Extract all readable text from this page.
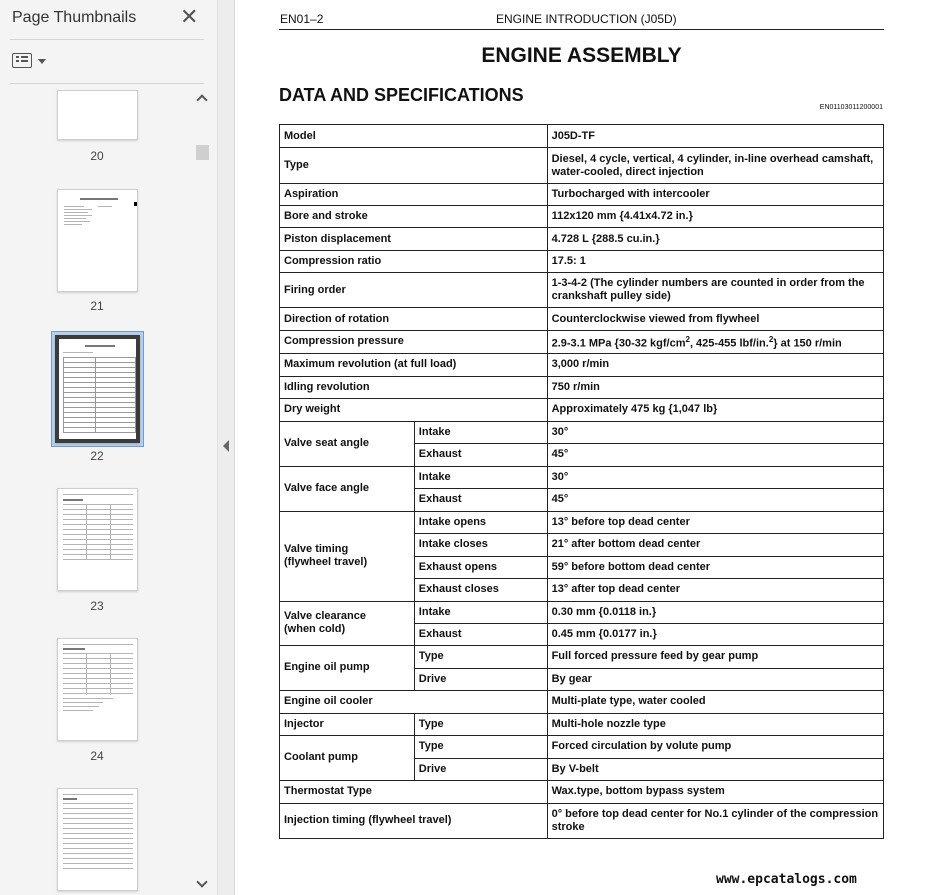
Page Thumbnails ✕
20
21
22
23
24
EN01–2	ENGINE INTRODUCTION (J05D)
ENGINE ASSEMBLY
DATA AND SPECIFICATIONS
EN01103011200001
Model		J05D-TF
Type		Diesel, 4 cycle, vertical, 4 cylinder, in-line overhead camshaft, water-cooled, direct injection
Aspiration		Turbocharged with intercooler
Bore and stroke		112x120 mm {4.41x4.72 in.}
Piston displacement		4.728 L {288.5 cu.in.}
Compression ratio		17.5: 1
Firing order		1-3-4-2 (The cylinder numbers are counted in order from the crankshaft pulley side)
Direction of rotation		Counterclockwise viewed from flywheel
Compression pressure		2.9-3.1 MPa {30-32 kgf/$cm^2$, 425-455 lbf/in.$^2$} at 150 r/min
Maximum revolution (at full load)		3,000 r/min
Idling revolution		750 r/min
Dry weight		Approximately 475 kg {1,047 lb}
Valve seat angle	Intake	30°
	Exhaust	45°
Valve face angle	Intake	30°
	Exhaust	45°
Valve timing
(flywheel travel)	Intake opens	13° before top dead center
	Intake closes	21° after bottom dead center
	Exhaust opens	59° before bottom dead center
	Exhaust closes	13° after top dead center
Valve clearance
(when cold)	Intake	0.30 mm {0.0118 in.}
	Exhaust	0.45 mm {0.0177 in.}
Engine oil pump	Type	Full forced pressure feed by gear pump
	Drive	By gear
Engine oil cooler		Multi-plate type, water cooled
Injector	Type	Multi-hole nozzle type
Coolant pump	Type	Forced circulation by volute pump
	Drive	By V-belt
Thermostat Type		Wax.type, bottom bypass system
Injection timing (flywheel travel)		0° before top dead center for No.1 cylinder of the compression stroke
www.epcatalogs.com
